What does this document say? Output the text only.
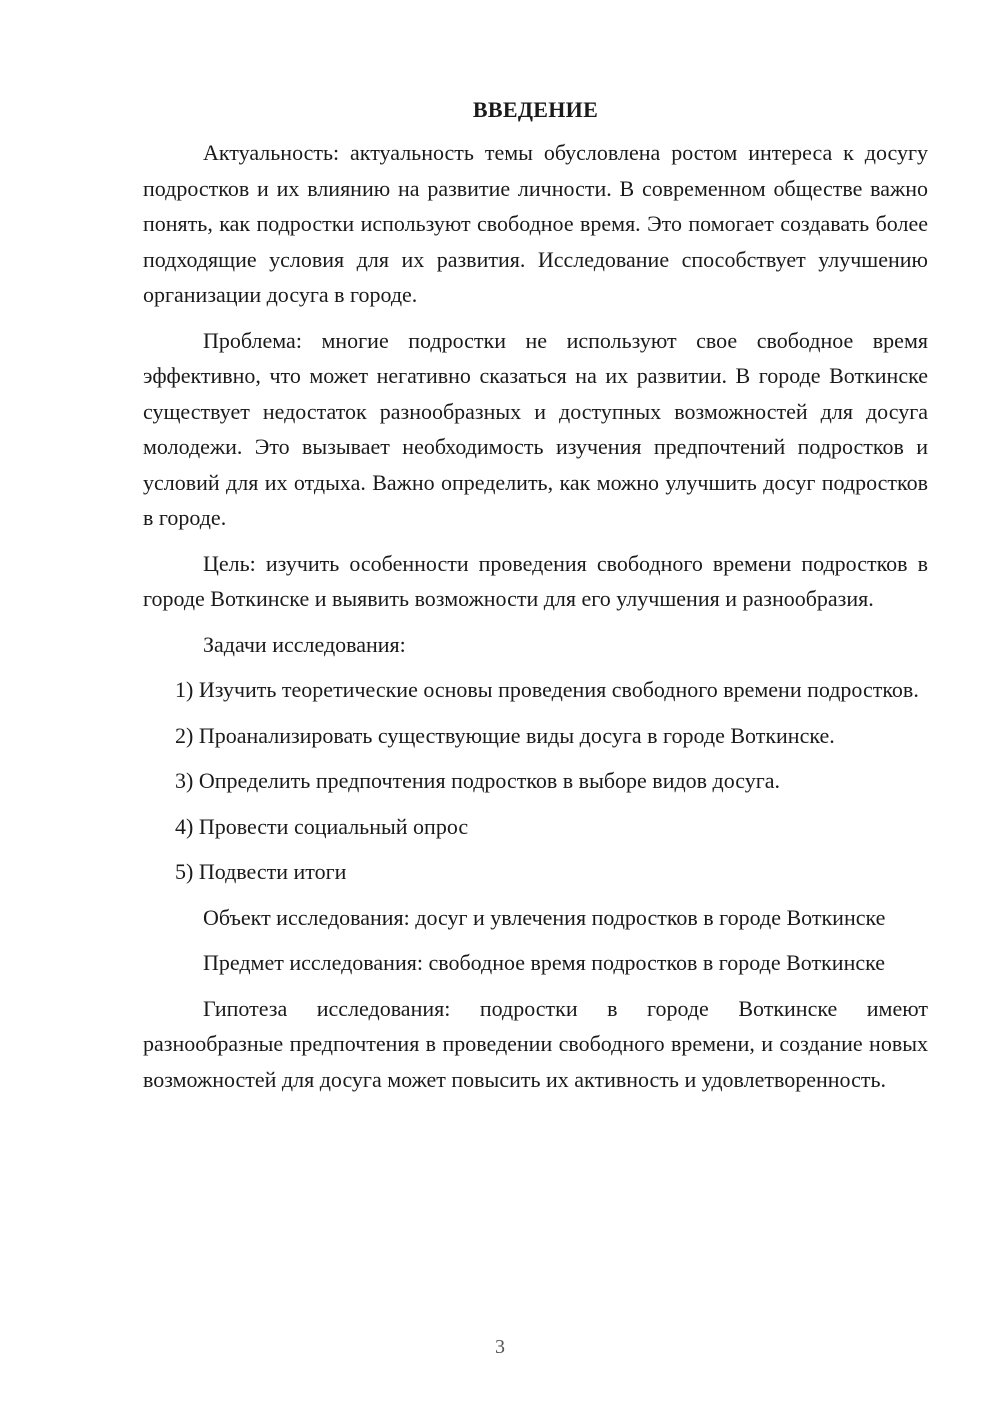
ВВЕДЕНИЕ

Актуальность: актуальность темы обусловлена ростом интереса к досугу подростков и их влиянию на развитие личности. В современном обществе важно понять, как подростки используют свободное время. Это помогает создавать более подходящие условия для их развития. Исследование способствует улучшению организации досуга в городе.

Проблема: многие подростки не используют свое свободное время эффективно, что может негативно сказаться на их развитии. В городе Воткинске существует недостаток разнообразных и доступных возможностей для досуга молодежи. Это вызывает необходимость изучения предпочтений подростков и условий для их отдыха. Важно определить, как можно улучшить досуг подростков в городе.

Цель: изучить особенности проведения свободного времени подростков в городе Воткинске и выявить возможности для его улучшения и разнообразия.

Задачи исследования:

1) Изучить теоретические основы проведения свободного времени подростков.

2) Проанализировать существующие виды досуга в городе Воткинске.

3) Определить предпочтения подростков в выборе видов досуга.

4) Провести социальный опрос

5) Подвести итоги

Объект исследования: досуг и увлечения подростков в городе Воткинске

Предмет исследования: свободное время подростков в городе Воткинске

Гипотеза исследования: подростки в городе Воткинске имеют разнообразные предпочтения в проведении свободного времени, и создание новых возможностей для досуга может повысить их активность и удовлетворенность.

3
